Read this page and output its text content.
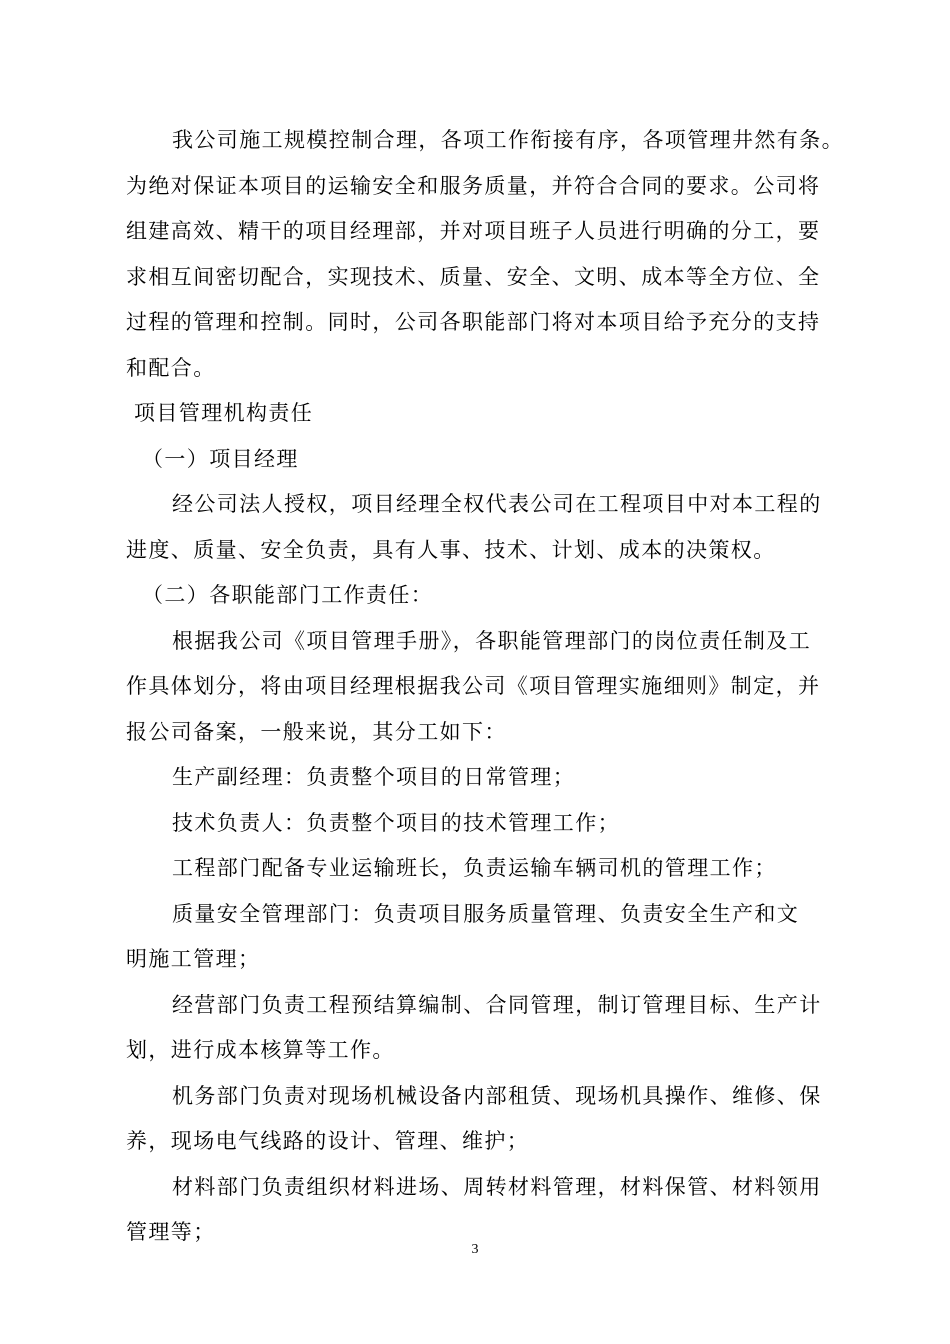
我公司施工规模控制合理，各项工作衔接有序，各项管理井然有条。

为绝对保证本项目的运输安全和服务质量，并符合合同的要求。公司将

组建高效、精干的项目经理部，并对项目班子人员进行明确的分工，要

求相互间密切配合，实现技术、质量、安全、文明、成本等全方位、全

过程的管理和控制。同时，公司各职能部门将对本项目给予充分的支持

和配合。

项目管理机构责任

（一）项目经理

经公司法人授权，项目经理全权代表公司在工程项目中对本工程的

进度、质量、安全负责，具有人事、技术、计划、成本的决策权。

（二）各职能部门工作责任：

根据我公司《项目管理手册》，各职能管理部门的岗位责任制及工

作具体划分，将由项目经理根据我公司《项目管理实施细则》制定，并

报公司备案，一般来说，其分工如下：

生产副经理：负责整个项目的日常管理；

技术负责人：负责整个项目的技术管理工作；

工程部门配备专业运输班长，负责运输车辆司机的管理工作；

质量安全管理部门：负责项目服务质量管理、负责安全生产和文

明施工管理；

经营部门负责工程预结算编制、合同管理，制订管理目标、生产计

划，进行成本核算等工作。

机务部门负责对现场机械设备内部租赁、现场机具操作、维修、保

养，现场电气线路的设计、管理、维护；

材料部门负责组织材料进场、周转材料管理，材料保管、材料领用

管理等；

3
